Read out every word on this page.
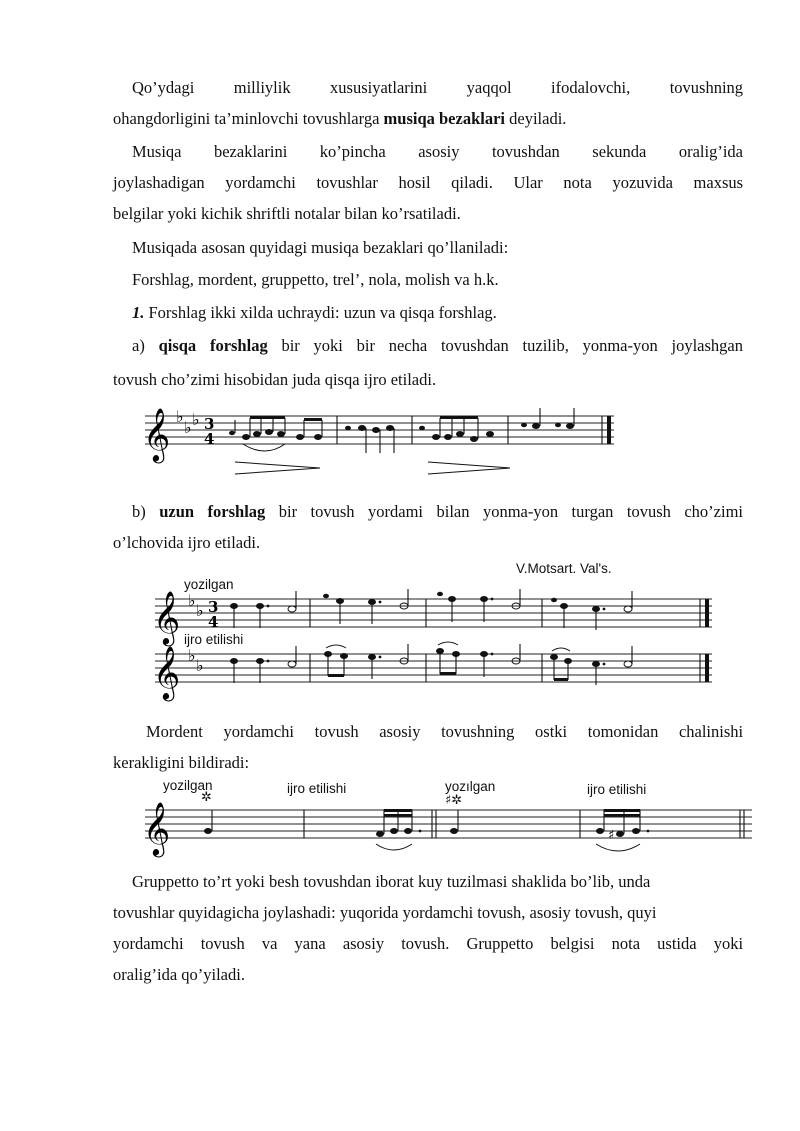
Qo’ydagi milliylik xususiyatlarini yaqqol ifodalovchi, tovushning
ohangdorligini ta’minlovchi tovushlarga musiqa bezaklari deyiladi.
Musiqa bezaklarini ko’pincha asosiy tovushdan sekunda oralig’ida
joylashadigan yordamchi tovushlar hosil qiladi. Ular nota yozuvida maxsus
belgilar yoki kichik shriftli notalar bilan ko’rsatiladi.
Musiqada asosan quyidagi musiqa bezaklari qo’llaniladi:
Forshlag, mordent, gruppetto, trel’, nola, molish va h.k.
1. Forshlag ikki xilda uchraydi: uzun va qisqa forshlag.
a) qisqa forshlag bir yoki bir necha tovushdan tuzilib, yonma-yon joylashgan
tovush cho’zimi hisobidan juda qisqa ijro etiladi.
𝄞 ♭
♭ ♭ 3
4
b) uzun forshlag bir tovush yordami bilan yonma-yon turgan tovush cho’zimi
o’lchovida ijro etiladi.
V.Motsart. Val's.
yozilgan
𝄞 ♭
♭ 3
4
ijro etilishi
𝄞 ♭
♭
Mordent yordamchi tovush asosiy tovushning ostki tomonidan chalinishi
kerakligini bildiradi:
yozilgan	ijro etilishi	yozılgan	ijro etilishi
𝄞
✲	♯✲
♯
Gruppetto to’rt yoki besh tovushdan iborat kuy tuzilmasi shaklida bo’lib, unda
tovushlar quyidagicha joylashadi: yuqorida yordamchi tovush, asosiy tovush, quyi
yordamchi tovush va yana asosiy tovush. Gruppetto belgisi nota ustida yoki
oralig’ida qo’yiladi.
